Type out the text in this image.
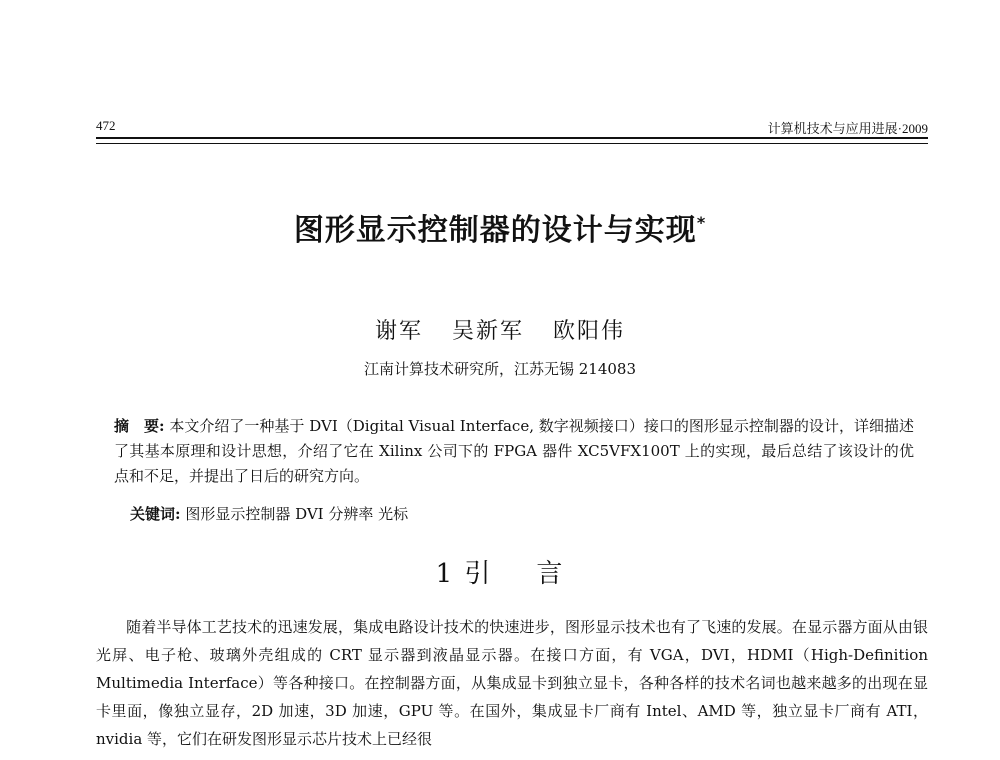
472	计算机技术与应用进展·2009
图形显示控制器的设计与实现*
谢军 吴新军 欧阳伟
江南计算技术研究所，江苏无锡 214083
摘　要: 本文介绍了一种基于 DVI（Digital Visual Interface, 数字视频接口）接口的图形显示控制器的设计，详细描述了其基本原理和设计思想，介绍了它在 Xilinx 公司下的 FPGA 器件 XC5VFX100T 上的实现，最后总结了该设计的优点和不足，并提出了日后的研究方向。
关键词: 图形显示控制器 DVI 分辨率 光标
1 引 言
随着半导体工艺技术的迅速发展，集成电路设计技术的快速进步，图形显示技术也有了飞速的发展。在显示器方面从由银光屏、电子枪、玻璃外壳组成的 CRT 显示器到液晶显示器。在接口方面，有 VGA，DVI，HDMI（High-Definition Multimedia Interface）等各种接口。在控制器方面，从集成显卡到独立显卡，各种各样的技术名词也越来越多的出现在显卡里面，像独立显存，2D 加速，3D 加速，GPU 等。在国外，集成显卡厂商有 Intel、AMD 等，独立显卡厂商有 ATI，nvidia 等，它们在研发图形显示芯片技术上已经很
